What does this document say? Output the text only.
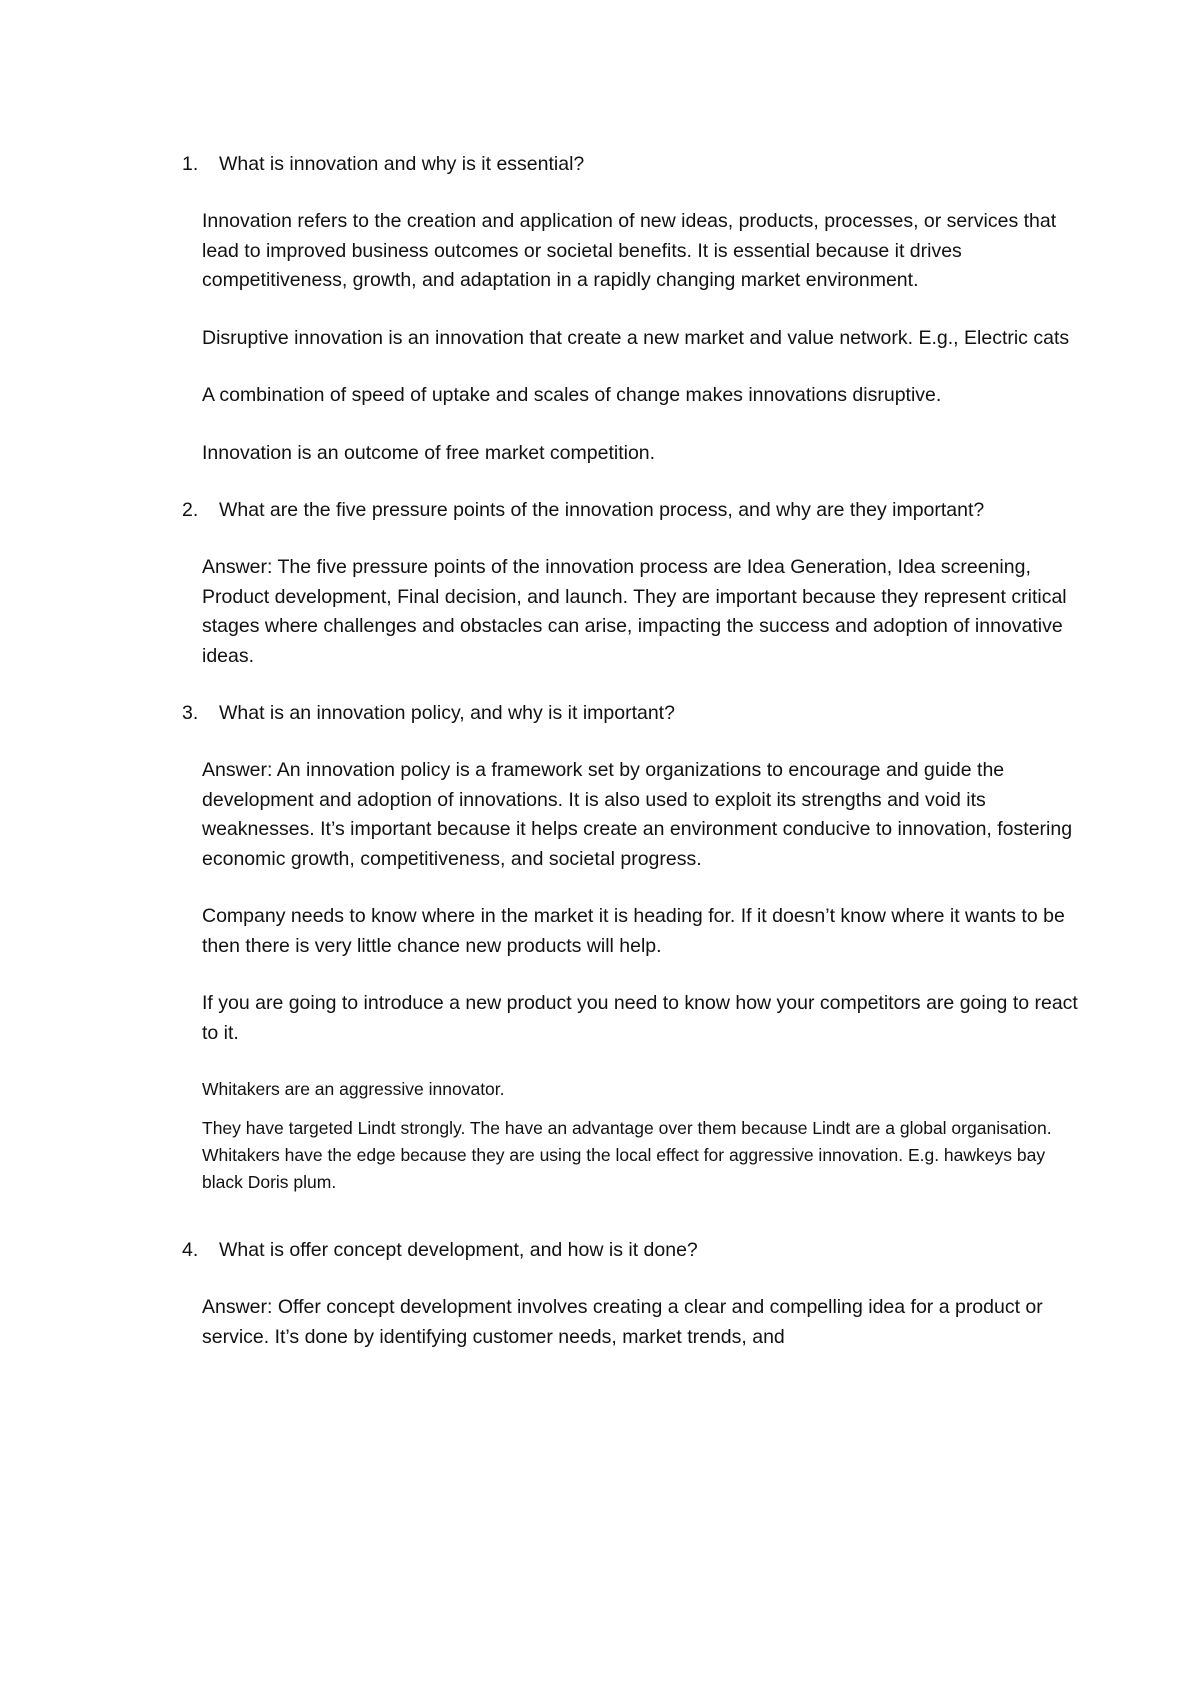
1. What is innovation and why is it essential?

Innovation refers to the creation and application of new ideas, products, processes, or services that lead to improved business outcomes or societal benefits. It is essential because it drives competitiveness, growth, and adaptation in a rapidly changing market environment.

Disruptive innovation is an innovation that create a new market and value network. E.g., Electric cats

A combination of speed of uptake and scales of change makes innovations disruptive.

Innovation is an outcome of free market competition.

2. What are the five pressure points of the innovation process, and why are they important?

Answer: The five pressure points of the innovation process are Idea Generation, Idea screening, Product development, Final decision, and launch. They are important because they represent critical stages where challenges and obstacles can arise, impacting the success and adoption of innovative ideas.

3. What is an innovation policy, and why is it important?

Answer: An innovation policy is a framework set by organizations to encourage and guide the development and adoption of innovations. It is also used to exploit its strengths and void its weaknesses. It’s important because it helps create an environment conducive to innovation, fostering economic growth, competitiveness, and societal progress.

Company needs to know where in the market it is heading for. If it doesn’t know where it wants to be then there is very little chance new products will help.

If you are going to introduce a new product you need to know how your competitors are going to react to it.

Whitakers are an aggressive innovator.

They have targeted Lindt strongly. The have an advantage over them because Lindt are a global organisation. Whitakers have the edge because they are using the local effect for aggressive innovation. E.g. hawkeys bay black Doris plum.

4. What is offer concept development, and how is it done?

Answer: Offer concept development involves creating a clear and compelling idea for a product or service. It’s done by identifying customer needs, market trends, and
